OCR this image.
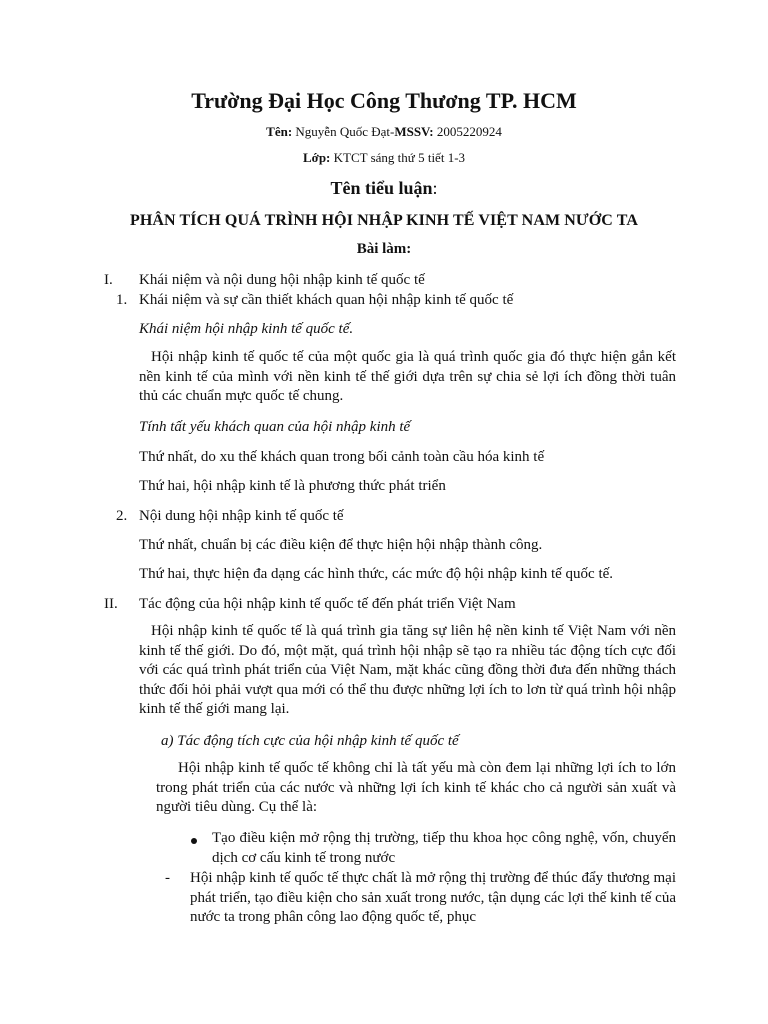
Trường Đại Học Công Thương TP. HCM
Tên: Nguyễn Quốc Đạt-MSSV: 2005220924
Lớp: KTCT sáng thứ 5 tiết 1-3
Tên tiểu luận:
PHÂN TÍCH QUÁ TRÌNH HỘI NHẬP KINH TẾ VIỆT NAM NƯỚC TA
Bài làm:
I. Khái niệm và nội dung hội nhập kinh tế quốc tế
1. Khái niệm và sự cần thiết khách quan hội nhập kinh tế quốc tế
Khái niệm hội nhập kinh tế quốc tế.
Hội nhập kinh tế quốc tế của một quốc gia là quá trình quốc gia đó thực hiện gắn kết nền kinh tế của mình với nền kinh tế thế giới dựa trên sự chia sẻ lợi ích đồng thời tuân thủ các chuẩn mực quốc tế chung.
Tính tất yếu khách quan của hội nhập kinh tế
Thứ nhất, do xu thế khách quan trong bối cảnh toàn cầu hóa kinh tế
Thứ hai, hội nhập kinh tế là phương thức phát triển
2. Nội dung hội nhập kinh tế quốc tế
Thứ nhất, chuẩn bị các điều kiện để thực hiện hội nhập thành công.
Thứ hai, thực hiện đa dạng các hình thức, các mức độ hội nhập kinh tế quốc tế.
II. Tác động của hội nhập kinh tế quốc tế đến phát triển Việt Nam
Hội nhập kinh tế quốc tế là quá trình gia tăng sự liên hệ nền kinh tế Việt Nam với nền kinh tế thế giới. Do đó, một mặt, quá trình hội nhập sẽ tạo ra nhiều tác động tích cực đối với các quá trình phát triển của Việt Nam, mặt khác cũng đồng thời đưa đến những thách thức đối hỏi phải vượt qua mới có thể thu được những lợi ích to lơn từ quá trình hội nhập kinh tế thế giới mang lại.
a) Tác động tích cực của hội nhập kinh tế quốc tế
Hội nhập kinh tế quốc tế không chỉ là tất yếu mà còn đem lại những lợi ích to lớn trong phát triển của các nước và những lợi ích kinh tế khác cho cả người sản xuất và người tiêu dùng. Cụ thể là:
Tạo điều kiện mở rộng thị trường, tiếp thu khoa học công nghệ, vốn, chuyển dịch cơ cấu kinh tế trong nước
- Hội nhập kinh tế quốc tế thực chất là mở rộng thị trường để thúc đẩy thương mại phát triển, tạo điều kiện cho sản xuất trong nước, tận dụng các lợi thế kinh tế của nước ta trong phân công lao động quốc tế, phục
